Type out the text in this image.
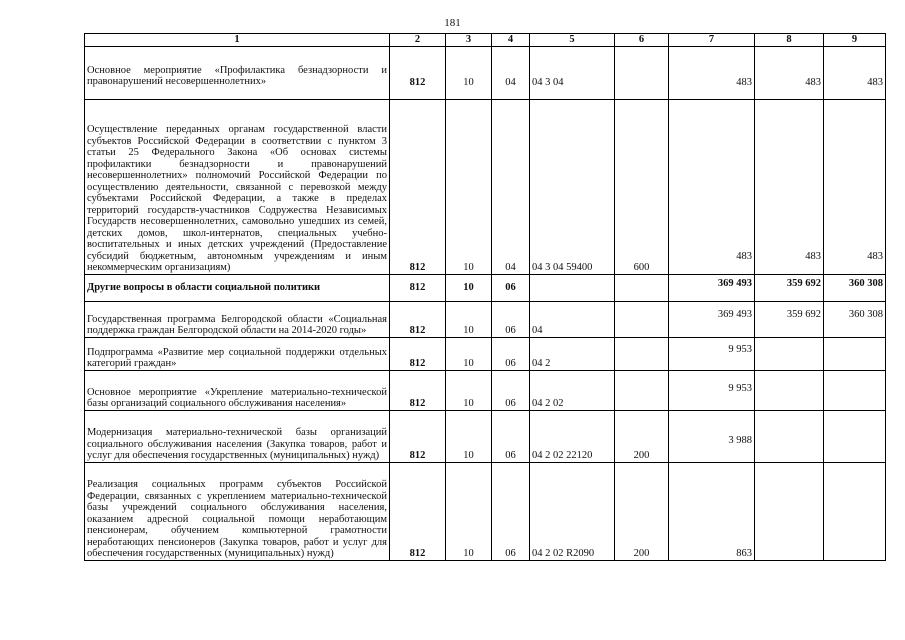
181
1	2	3	4	5	6	7	8	9
Основное мероприятие «Профилактика безнадзорности и правонарушений несовершеннолетних»	812	10	04	04 3 04		483	483	483
Осуществление переданных органам государственной власти субъектов Российской Федерации в соответствии с пунктом 3 статьи 25 Федерального Закона «Об основах системы профилактики безнадзорности и правонарушений несовершеннолетних» полномочий Российской Федерации по осуществлению деятельности, связанной с перевозкой между субъектами Российской Федерации, а также в пределах территорий государств-участников Содружества Независимых Государств несовершеннолетних, самовольно ушедших из семей, детских домов, школ-интернатов, специальных учебно-воспитательных и иных детских учреждений (Предоставление субсидий бюджетным, автономным учреждениям и иным некоммерческим организациям)	812	10	04	04 3 04 59400	600	483	483	483
Другие вопросы в области социальной политики	812	10	06			369 493	359 692	360 308
Государственная программа Белгородской области «Социальная поддержка граждан Белгородской области на 2014-2020 годы»	812	10	06	04		369 493	359 692	360 308
Подпрограмма «Развитие мер социальной поддержки отдельных категорий граждан»	812	10	06	04 2		9 953		
Основное мероприятие «Укрепление материально-технической базы организаций социального обслуживания населения»	812	10	06	04 2 02		9 953		
Модернизация материально-технической базы организаций социального обслуживания населения (Закупка товаров, работ и услуг для обеспечения государственных (муниципальных) нужд)	812	10	06	04 2 02 22120	200	3 988		
Реализация социальных программ субъектов Российской Федерации, связанных с укреплением материально-технической базы учреждений социального обслуживания населения, оказанием адресной социальной помощи неработающим пенсионерам, обучением компьютерной грамотности неработающих пенсионеров (Закупка товаров, работ и услуг для обеспечения государственных (муниципальных) нужд)	812	10	06	04 2 02 R2090	200	863		
